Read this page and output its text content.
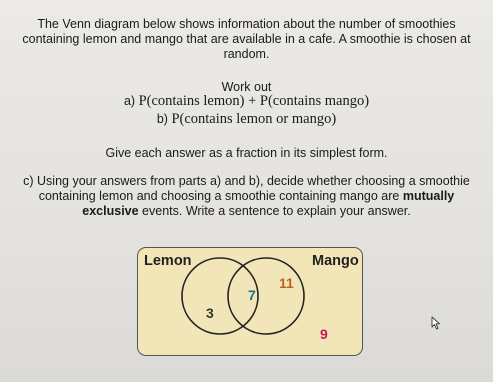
The Venn diagram below shows information about the number of smoothies
containing lemon and mango that are available in a cafe. A smoothie is chosen at
random.
Work out
a) P(contains lemon) + P(contains mango)
b) P(contains lemon or mango)
Give each answer as a fraction in its simplest form.
c) Using your answers from parts a) and b), decide whether choosing a smoothie
containing lemon and choosing a smoothie containing mango are mutually
exclusive events. Write a sentence to explain your answer.
Lemon	Mango
3
7
11
9
